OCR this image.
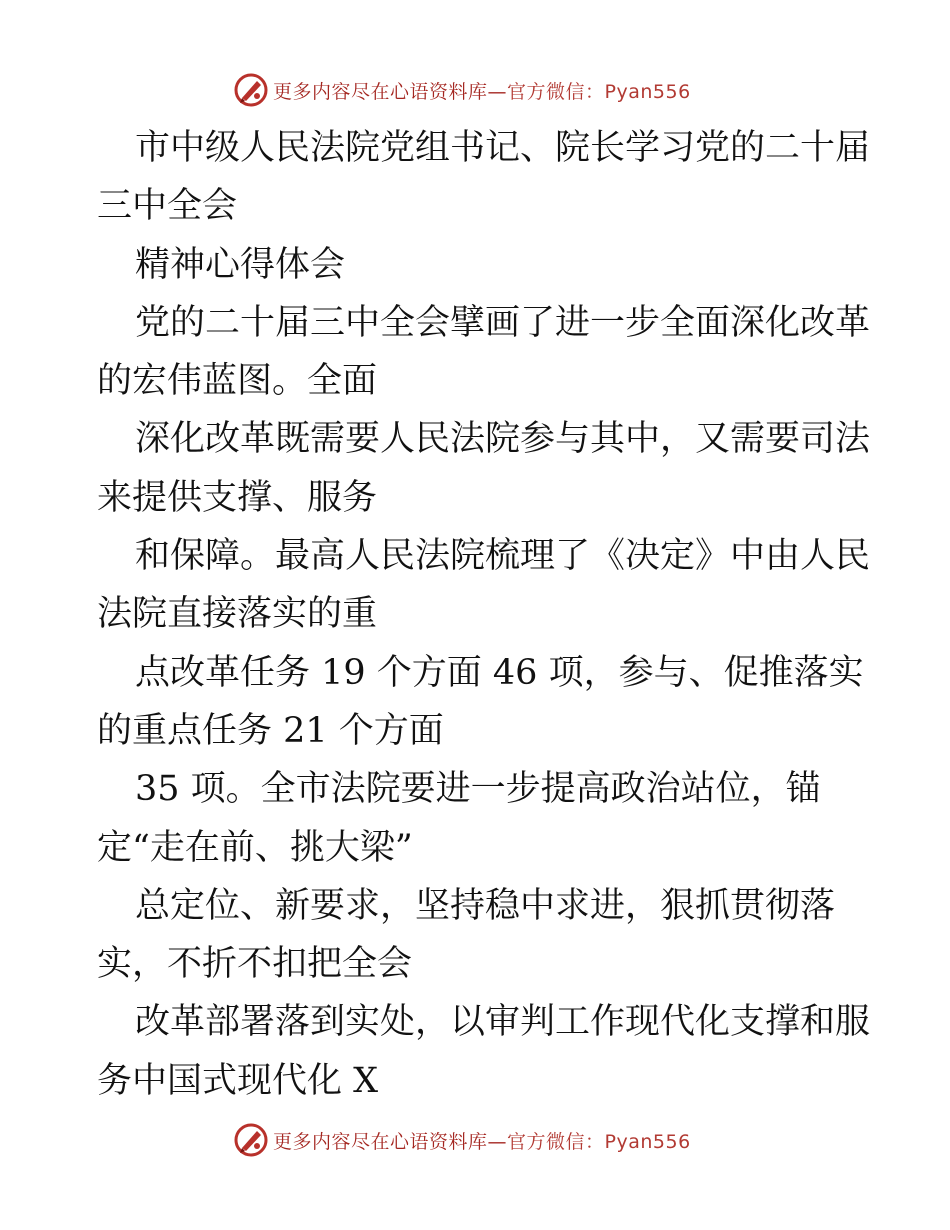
更多内容尽在心语资料库—官方微信：Pyan556
市中级人民法院党组书记、院长学习党的二十届
三中全会
精神心得体会
党的二十届三中全会擘画了进一步全面深化改革
的宏伟蓝图。全面
深化改革既需要人民法院参与其中，又需要司法
来提供支撑、服务
和保障。最高人民法院梳理了《决定》中由人民
法院直接落实的重
点改革任务 19 个方面 46 项，参与、促推落实
的重点任务 21 个方面
35 项。全市法院要进一步提高政治站位，锚
定“走在前、挑大梁”
总定位、新要求，坚持稳中求进，狠抓贯彻落
实，不折不扣把全会
改革部署落到实处，以审判工作现代化支撑和服
务中国式现代化 X
更多内容尽在心语资料库—官方微信：Pyan556
